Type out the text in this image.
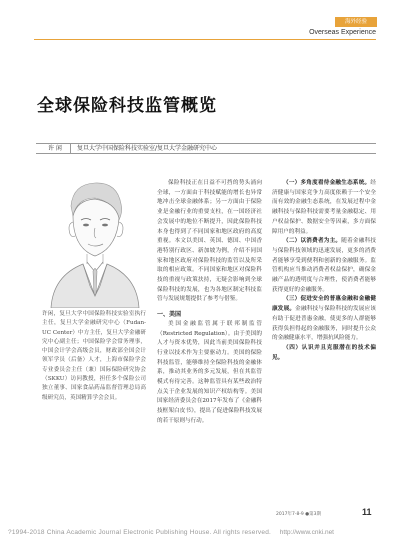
海外经验
Overseas Experience
全球保险科技监管概览
许 闲	复旦大学中国保险科技实验室/复旦大学金融研究中心
许闲，复旦大学中国保险科技实验室执行主任，复旦大学金融研究中心（Fudan-UC Center）中方主任，复旦大学金融研究中心副主任；中国保险学会常务理事，中国会计学会高级会员，财政部全国会计领军学员（后备）人才，上海市保险学会专业委员会主任（兼）国际保险研究协会（SKKU）访问教授，担任多个保险公司独立董事、国家食品药品监督管理总局高级研究员，英国精算学会会员。

保险科技正在日益不可挡的势头涌向全球，一方面由于科技赋能的增长也异常地冲击全球金融体系；另一方面由于保险业是金融行业的重要支柱，在一国经济社会发展中的地位不断提升，因此保险科技本身也得到了不同国家和地区政府的高度重视。本文以美国、英国、德国、中国香港特别行政区、新加坡为例，介绍不同国家和地区政府对保险科技的监管以及所采取的相应政策。不同国家和地区对保险科技的重视与政策扶持，无疑会影响到全球保险科技的发展，也为各地区制定科技监管与发展规划提供了参考与借鉴。

一、美国

美国金融监管属于联邦制监管（Restricted Regulation）。由于美国的人才与资本优势，因此当前美国保险科技行业以技术作为主要驱动力。美国的保险科技监管，能够维持全保险科技的金融体系，推动其业务的多元发展，但在其监管模式有待完善。这种监管具有某些政治特点关于企业发展的知识产权结构等。美国国家经济委员会在2017年发布了《金融科技框架白皮书》，提出了促进保险科技发展的若干原则与行动。

（一）多角度看待金融生态系统。经济健康与国家竞争力高度依赖于一个安全而有效的金融生态系统，在发展过程中金融科技与保险科技需要考量金融稳定、用户权益保护、数据安全等因素，多方面保障用户的利益。

（二）以消费者为主。随着金融科技与保险科技领域的迅速发展，更多的消费者能够享受到便利和创新的金融服务。监管机构应当推动消费者权益保护，确保金融产品的透明度与合理性，使消费者能够获得更好的金融服务。

（三）促进安全的普惠金融和金融健康发展。金融科技与保险科技的发展应该有助于促进普惠金融，使更多的人群能够获得负担得起的金融服务，同时提升公众的金融健康水平，增强抗风险能力。

（四）认识并且克服潜在的技术偏见。

2017年7-8-9 ●第3期	11
?1994-2018 China Academic Journal Electronic Publishing House. All rights reserved. http://www.cnki.net
